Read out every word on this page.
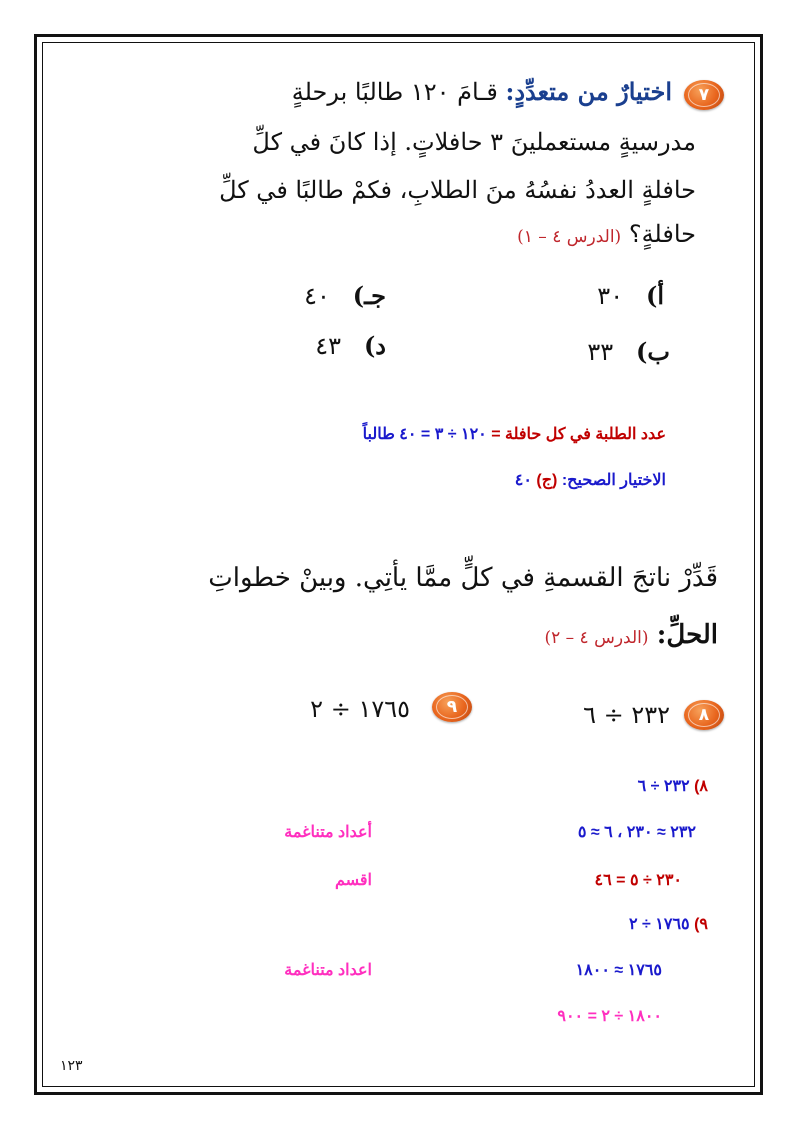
٧
اختيارٌ من متعدِّدٍ: قـامَ ١٢٠ طالبًا برحلةٍ
مدرسيةٍ مستعملينَ ٣ حافلاتٍ. إذا كانَ في كلِّ
حافلةٍ العددُ نفسُهُ منَ الطلابِ، فكمْ طالبًا في كلِّ
حافلةٍ؟ (الدرس ٤ – ١)
أ)   ٣٠
جـ)   ٤٠
ب)   ٣٣
د)   ٤٣
عدد الطلبة في كل حافلة = ١٢٠ ÷ ٣ = ٤٠ طالباً
الاختيار الصحيح: (ج) ٤٠
قَدِّرْ ناتجَ القسمةِ في كلٍّ ممَّا يأتِي. وبينْ خطواتِ
الحلِّ: (الدرس ٤ – ٢)
٨
٢٣٢ ÷ ٦
٩
١٧٦٥ ÷ ٢
٨) ٢٣٢ ÷ ٦
٢٣٢ ≈ ٢٣٠ ، ٦ ≈ ٥
أعداد متناغمة
٢٣٠ ÷ ٥ = ٤٦
اقسم
٩) ١٧٦٥ ÷ ٢
١٧٦٥ ≈ ١٨٠٠
اعداد متناغمة
١٨٠٠ ÷ ٢ = ٩٠٠
١٢٣
